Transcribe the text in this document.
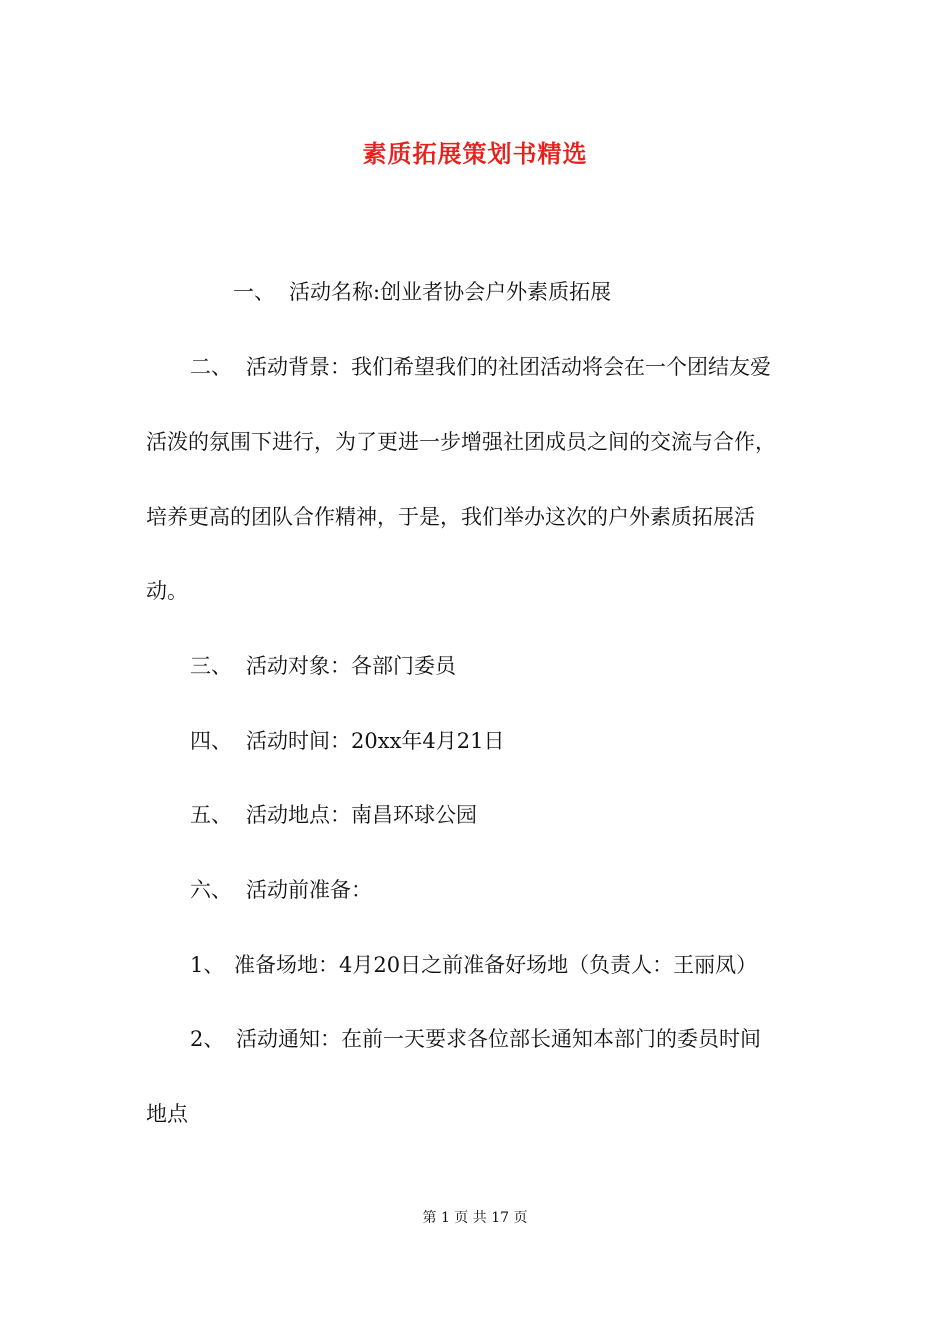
素质拓展策划书精选
一、 活动名称:创业者协会户外素质拓展
二、 活动背景：我们希望我们的社团活动将会在一个团结友爱
活泼的氛围下进行，为了更进一步增强社团成员之间的交流与合作，
培养更高的团队合作精神，于是，我们举办这次的户外素质拓展活
动。
三、 活动对象：各部门委员
四、 活动时间：20xx年4月21日
五、 活动地点：南昌环球公园
六、 活动前准备：
1、 准备场地：4月20日之前准备好场地（负责人：王丽凤）
2、 活动通知：在前一天要求各位部长通知本部门的委员时间
地点
第 1 页 共 17 页
